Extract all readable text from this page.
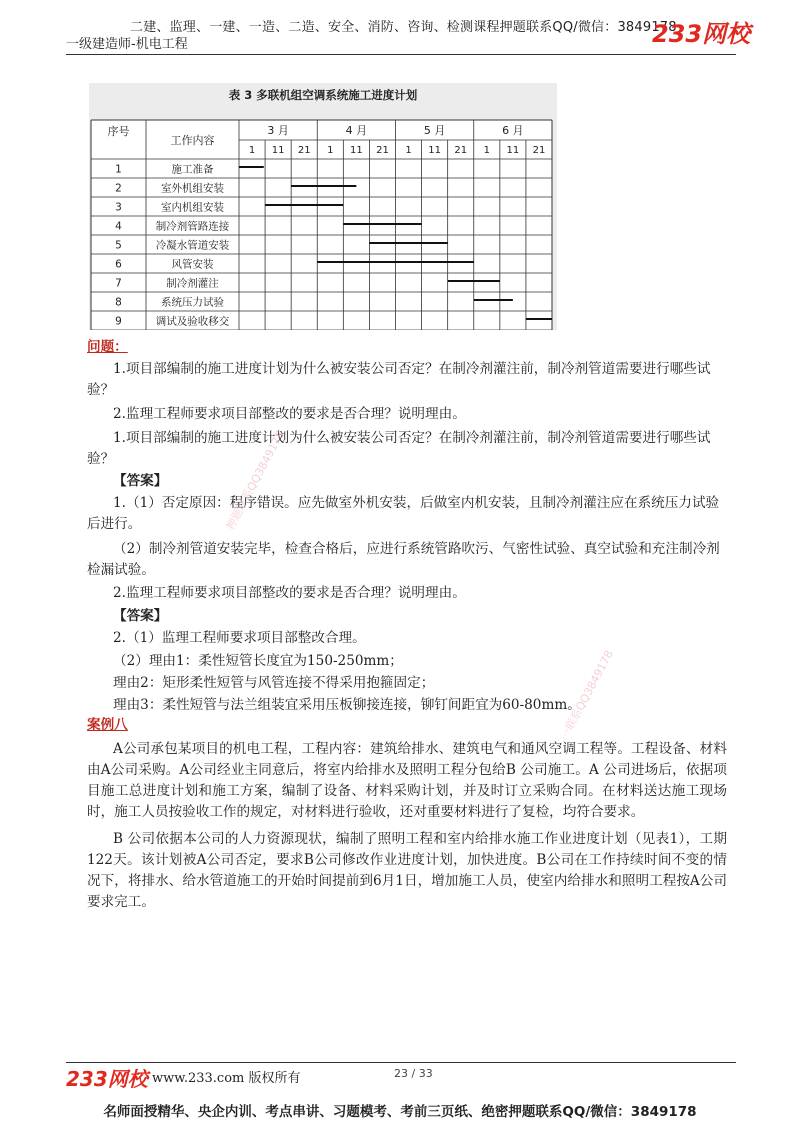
二建、监理、一建、一造、二造、安全、消防、咨询、检测课程押题联系QQ/微信：3849178
一级建造师-机电工程	233网校
表 3 多联机组空调系统施工进度计划
序号
工作内容
3 月	4 月	5 月	6 月
1 11 21 1 11 21 1 11 21 1 11 21
1	施工准备
2	室外机组安装
3	室内机组安装
4	制冷剂管路连接
5	冷凝水管道安装
6	风管安装
7	制冷剂灌注
8	系统压力试验
9	调试及验收移交
问题：
1.项目部编制的施工进度计划为什么被安装公司否定？在制冷剂灌注前，制冷剂管道需要进行哪些试验？
2.监理工程师要求项目部整改的要求是否合理？说明理由。
1.项目部编制的施工进度计划为什么被安装公司否定？在制冷剂灌注前，制冷剂管道需要进行哪些试验？
【答案】
1.（1）否定原因：程序错误。应先做室外机安装，后做室内机安装，且制冷剂灌注应在系统压力试验后进行。
（2）制冷剂管道安装完毕，检查合格后，应进行系统管路吹污、气密性试验、真空试验和充注制冷剂检漏试验。
2.监理工程师要求项目部整改的要求是否合理？说明理由。
【答案】
2.（1）监理工程师要求项目部整改合理。
（2）理由1：柔性短管长度宜为150-250mm；
理由2：矩形柔性短管与风管连接不得采用抱箍固定；
理由3：柔性短管与法兰组装宜采用压板铆接连接，铆钉间距宜为60-80mm。
案例八
A公司承包某项目的机电工程，工程内容：建筑给排水、建筑电气和通风空调工程等。工程设备、材料由A公司采购。A公司经业主同意后，将室内给排水及照明工程分包给B 公司施工。A 公司进场后，依据项目施工总进度计划和施工方案，编制了设备、材料采购计划，并及时订立采购合同。在材料送达施工现场时，施工人员按验收工作的规定，对材料进行验收，还对重要材料进行了复检，均符合要求。
B 公司依据本公司的人力资源现状，编制了照明工程和室内给排水施工作业进度计划（见表1），工期122天。该计划被A公司否定，要求B公司修改作业进度计划，加快进度。B公司在工作持续时间不变的情况下，将排水、给水管道施工的开始时间提前到6月1日，增加施工人员，使室内给排水和照明工程按A公司要求完工。
押题联系QQ3849178
一联系QQ3849178
233网校 www.233.com 版权所有	23 / 33
名师面授精华、央企内训、考点串讲、习题模考、考前三页纸、绝密押题联系QQ/微信：3849178
